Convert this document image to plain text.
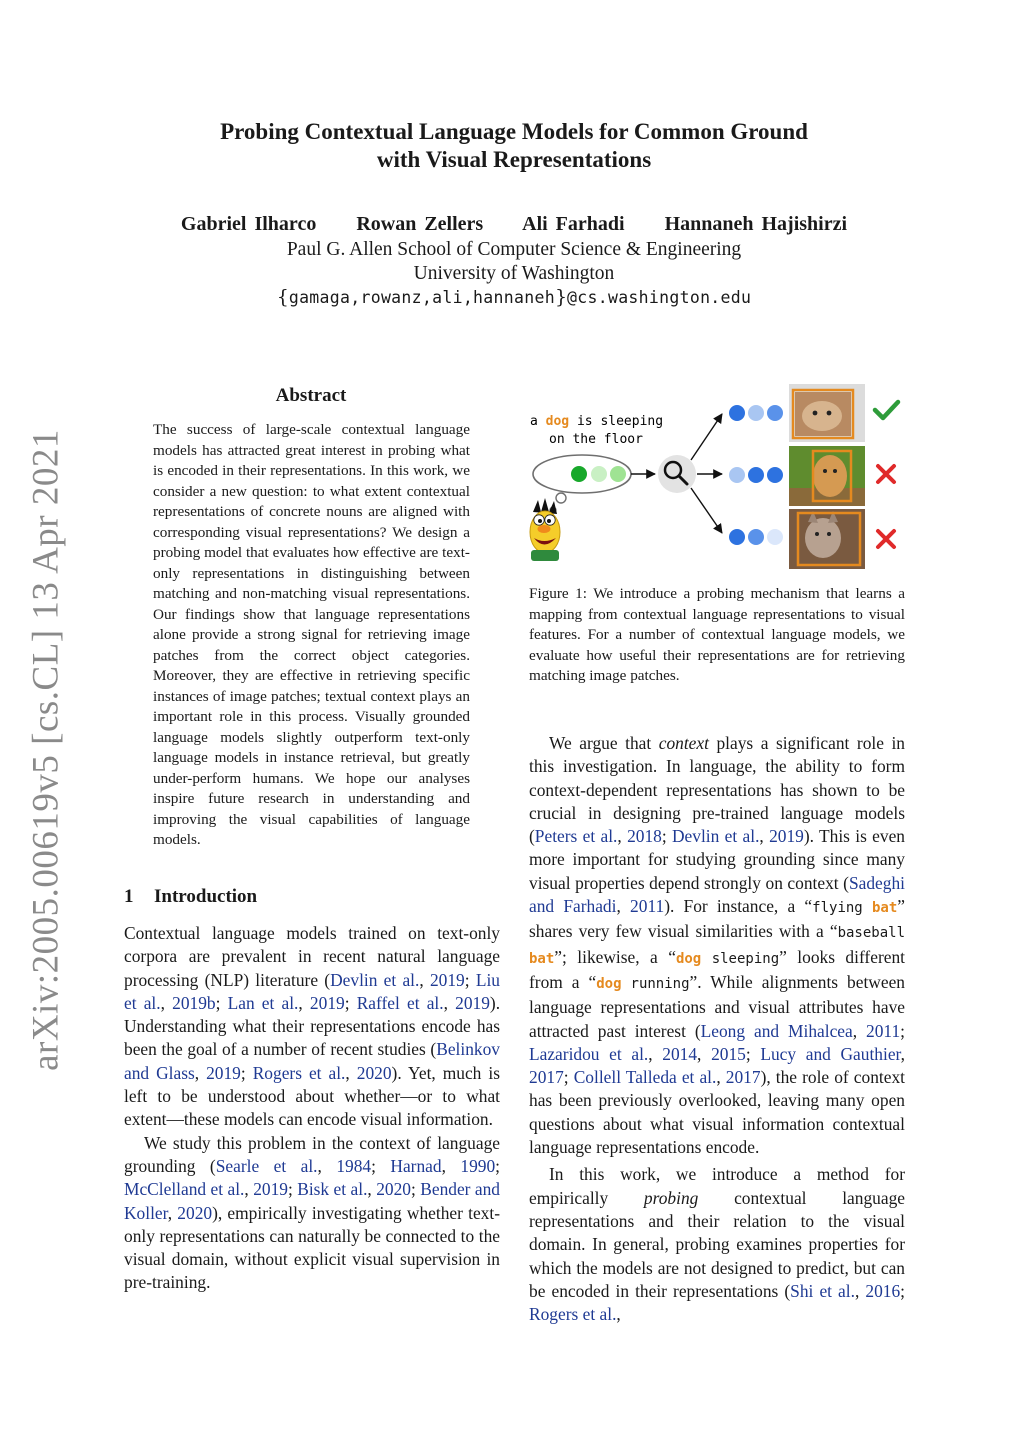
arXiv:2005.00619v5 [cs.CL] 13 Apr 2021
Probing Contextual Language Models for Common Ground
with Visual Representations
Gabriel Ilharco Rowan Zellers Ali Farhadi Hannaneh Hajishirzi
Paul G. Allen School of Computer Science & Engineering
University of Washington
{gamaga,rowanz,ali,hannaneh}@cs.washington.edu
Abstract
The success of large-scale contextual language models has attracted great interest in probing what is encoded in their representations. In this work, we consider a new question: to what extent contextual representations of concrete nouns are aligned with corresponding visual representations? We design a probing model that evaluates how effective are text-only representations in distinguishing between matching and non-matching visual representations. Our findings show that language representations alone provide a strong signal for retrieving image patches from the correct object categories. Moreover, they are effective in retrieving specific instances of image patches; textual context plays an important role in this process. Visually grounded language models slightly outperform text-only language models in instance retrieval, but greatly under-perform humans. We hope our analyses inspire future research in understanding and improving the visual capabilities of language models.
1 Introduction

Contextual language models trained on text-only corpora are prevalent in recent natural language processing (NLP) literature (Devlin et al., 2019; Liu et al., 2019b; Lan et al., 2019; Raffel et al., 2019). Understanding what their representations encode has been the goal of a number of recent studies (Belinkov and Glass, 2019; Rogers et al., 2020). Yet, much is left to be understood about whether—or to what extent—these models can encode visual information.

We study this problem in the context of language grounding (Searle et al., 1984; Harnad, 1990; McClelland et al., 2019; Bisk et al., 2020; Bender and Koller, 2020), empirically investigating whether text-only representations can naturally be connected to the visual domain, without explicit visual supervision in pre-training.

a dog is sleeping
on the floor
Figure 1: We introduce a probing mechanism that learns a mapping from contextual language representations to visual features. For a number of contextual language models, we evaluate how useful their representations are for retrieving matching image patches.

We argue that context plays a significant role in this investigation. In language, the ability to form context-dependent representations has shown to be crucial in designing pre-trained language models (Peters et al., 2018; Devlin et al., 2019). This is even more important for studying grounding since many visual properties depend strongly on context (Sadeghi and Farhadi, 2011). For instance, a “flying bat” shares very few visual similarities with a “baseball bat”; likewise, a “dog sleeping” looks different from a “dog running”. While alignments between language representations and visual attributes have attracted past interest (Leong and Mihalcea, 2011; Lazaridou et al., 2014, 2015; Lucy and Gauthier, 2017; Collell Talleda et al., 2017), the role of context has been previously overlooked, leaving many open questions about what visual information contextual language representations encode.

In this work, we introduce a method for empirically probing contextual language representations and their relation to the visual domain. In general, probing examines properties for which the models are not designed to predict, but can be encoded in their representations (Shi et al., 2016; Rogers et al.,
